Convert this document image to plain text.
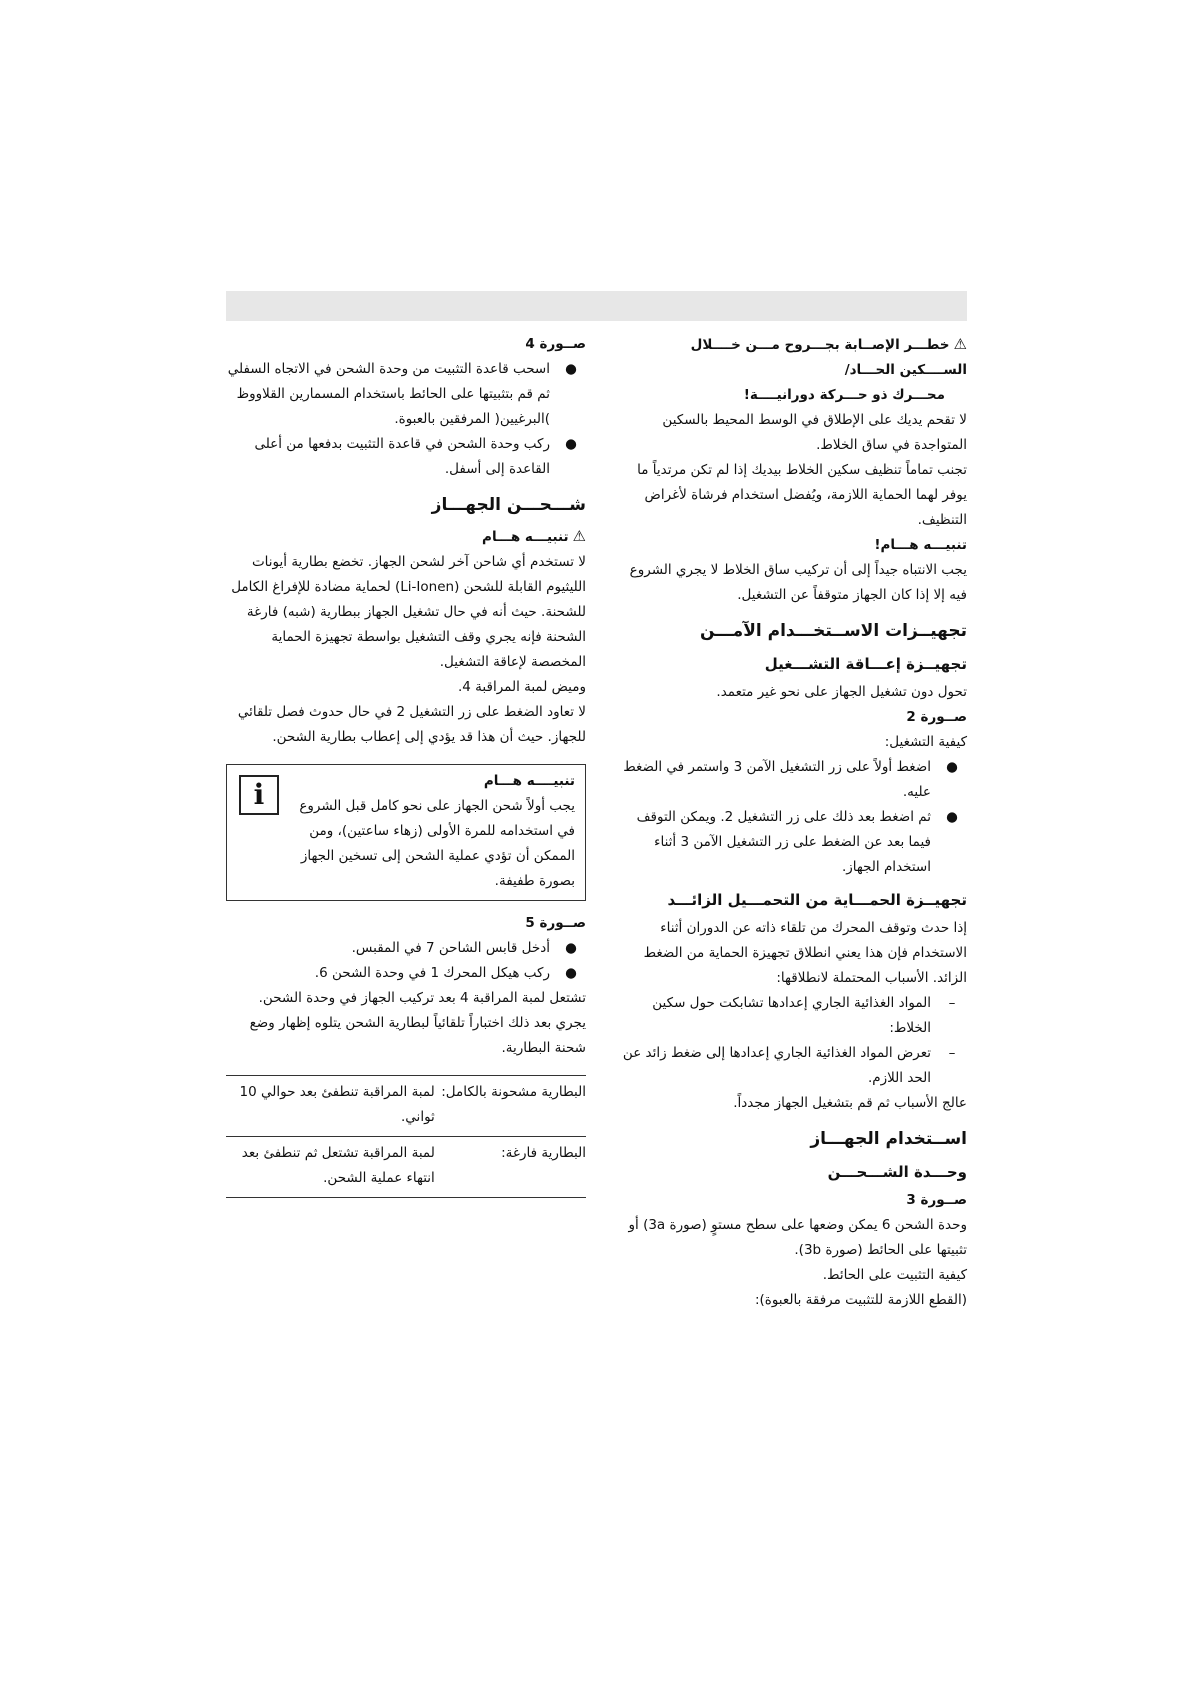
⚠خطـــر الإصــابة بجـــروح مـــن خــــلال الســــكين الحـــاد/

محـــرك ذو حـــركة دورانيــــة!

لا تقحم يديك على الإطلاق في الوسط المحيط بالسكين المتواجدة في ساق الخلاط.

تجنب تماماً تنظيف سكين الخلاط بيديك إذا لم تكن مرتدياً ما يوفر لهما الحماية اللازمة، ويُفضل استخدام فرشاة لأغراض التنظيف.

تنبيـــه هـــام!

يجب الانتباه جيداً إلى أن تركيب ساق الخلاط لا يجري الشروع فيه إلا إذا كان الجهاز متوقفاً عن التشغيل.

تجهيــزات الاســتخـــدام الآمـــن
تجهيــزة إعـــاقة التشـــغيل

تحول دون تشغيل الجهاز على نحو غير متعمد.

صــورة 2

كيفية التشغيل:

●
اضغط أولاً على زر التشغيل الآمن 3 واستمر في الضغط عليه.
●
ثم اضغط بعد ذلك على زر التشغيل 2. ويمكن التوقف فيما بعد عن الضغط على زر التشغيل الآمن 3 أثناء استخدام الجهاز.
تجهيــزة الحمـــاية من التحمـــيل الزائـــد

إذا حدث وتوقف المحرك من تلقاء ذاته عن الدوران أثناء الاستخدام فإن هذا يعني انطلاق تجهيزة الحماية من الضغط الزائد. الأسباب المحتملة لانطلاقها:

–
المواد الغذائية الجاري إعدادها تشابكت حول سكين الخلاط:
–
تعرض المواد الغذائية الجاري إعدادها إلى ضغط زائد عن الحد اللازم.

عالج الأسباب ثم قم بتشغيل الجهاز مجدداً.

اســتخدام الجهـــاز
وحـــدة الشـــحـــن

صــورة 3

وحدة الشحن 6 يمكن وضعها على سطح مستوٍ (صورة 3a) أو تثبيتها على الحائط (صورة 3b).

كيفية التثبيت على الحائط.

(القطع اللازمة للتثبيت مرفقة بالعبوة):

صــورة 4

●
اسحب قاعدة التثبيت من وحدة الشحن في الاتجاه السفلي ثم قم بتثبيتها على الحائط باستخدام المسمارين القلاووظ )البرغيين( المرفقين بالعبوة.
●
ركب وحدة الشحن في قاعدة التثبيت بدفعها من أعلى القاعدة إلى أسفل.
شـــحـــن الجهـــاز

⚠تنبيـــه هـــام

لا تستخدم أي شاحن آخر لشحن الجهاز. تخضع بطارية أيونات الليثيوم القابلة للشحن (Li-Ionen) لحماية مضادة للإفراغ الكامل للشحنة. حيث أنه في حال تشغيل الجهاز ببطارية (شبه) فارغة الشحنة فإنه يجري وقف التشغيل بواسطة تجهيزة الحماية المخصصة لإعاقة التشغيل.

وميض لمبة المراقبة 4.

لا تعاود الضغط على زر التشغيل 2 في حال حدوث فصل تلقائي للجهاز. حيث أن هذا قد يؤدي إلى إعطاب بطارية الشحن.

i	تنبيــــه هـــام

يجب أولاً شحن الجهاز على نحو كامل قبل الشروع في استخدامه للمرة الأولى (زهاء ساعتين)، ومن الممكن أن تؤدي عملية الشحن إلى تسخين الجهاز بصورة طفيفة.

صــورة 5

●
أدخل قابس الشاحن 7 في المقبس.
●
ركب هيكل المحرك 1 في وحدة الشحن 6.

تشتعل لمبة المراقبة 4 بعد تركيب الجهاز في وحدة الشحن. يجري بعد ذلك اختباراً تلقائياً لبطارية الشحن يتلوه إظهار وضع شحنة البطارية.

البطارية مشحونة بالكامل:	لمبة المراقبة تنطفئ بعد حوالي 10 ثواني.
البطارية فارغة:	لمبة المراقبة تشتعل ثم تنطفئ بعد انتهاء عملية الشحن.
